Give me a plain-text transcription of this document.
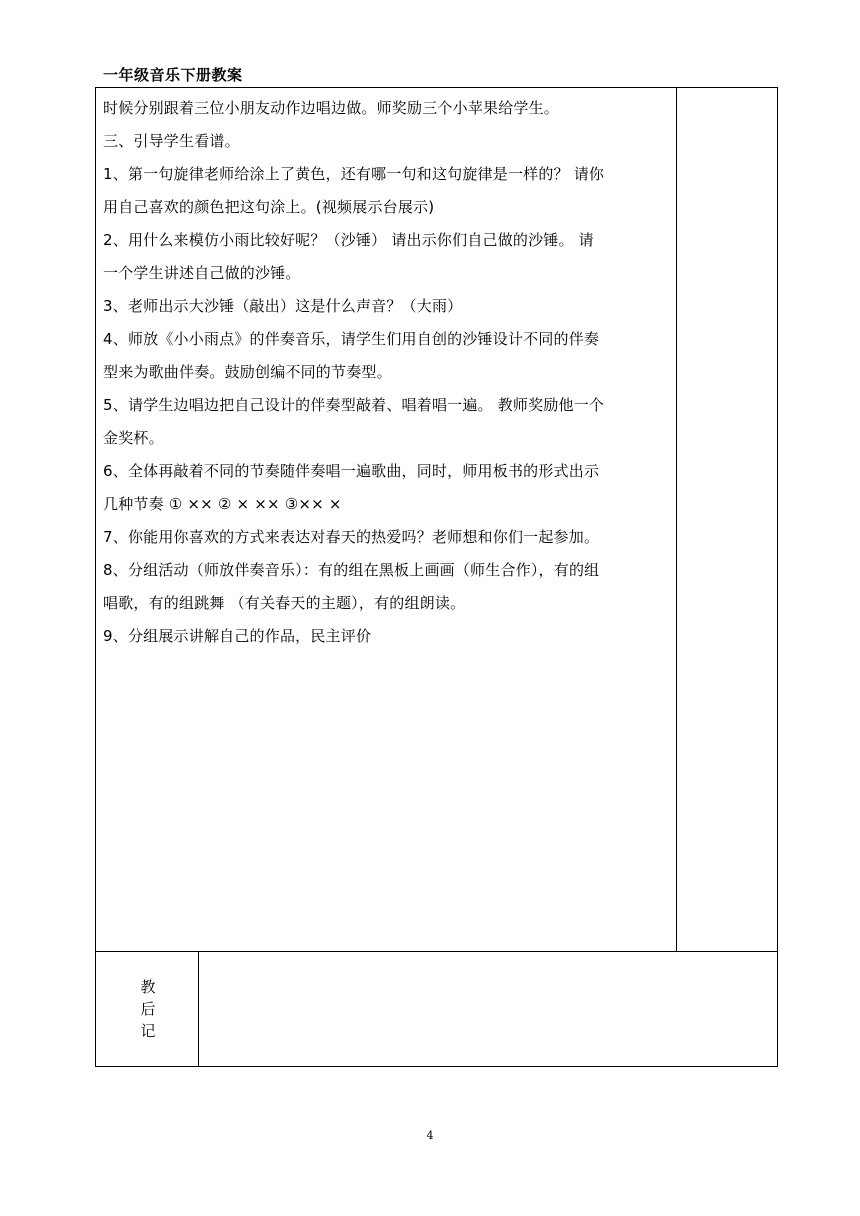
一年级音乐下册教案
时候分别跟着三位小朋友动作边唱边做。师奖励三个小苹果给学生。
三、引导学生看谱。
1、第一句旋律老师给涂上了黄色，还有哪一句和这句旋律是一样的？ 请你
用自己喜欢的颜色把这句涂上。(视频展示台展示)
2、用什么来模仿小雨比较好呢？（沙锤） 请出示你们自己做的沙锤。 请
一个学生讲述自己做的沙锤。
3、老师出示大沙锤（敲出）这是什么声音？（大雨）
4、师放《小小雨点》的伴奏音乐，请学生们用自创的沙锤设计不同的伴奏
型来为歌曲伴奏。鼓励创编不同的节奏型。
5、请学生边唱边把自己设计的伴奏型敲着、唱着唱一遍。 教师奖励他一个
金奖杯。
6、全体再敲着不同的节奏随伴奏唱一遍歌曲，同时，师用板书的形式出示
几种节奏 ① ×× ② × ×× ③×× ×
7、你能用你喜欢的方式来表达对春天的热爱吗？老师想和你们一起参加。
8、分组活动（师放伴奏音乐）：有的组在黑板上画画（师生合作），有的组
唱歌，有的组跳舞 （有关春天的主题），有的组朗读。
9、分组展示讲解自己的作品，民主评价
教
后
记
4
